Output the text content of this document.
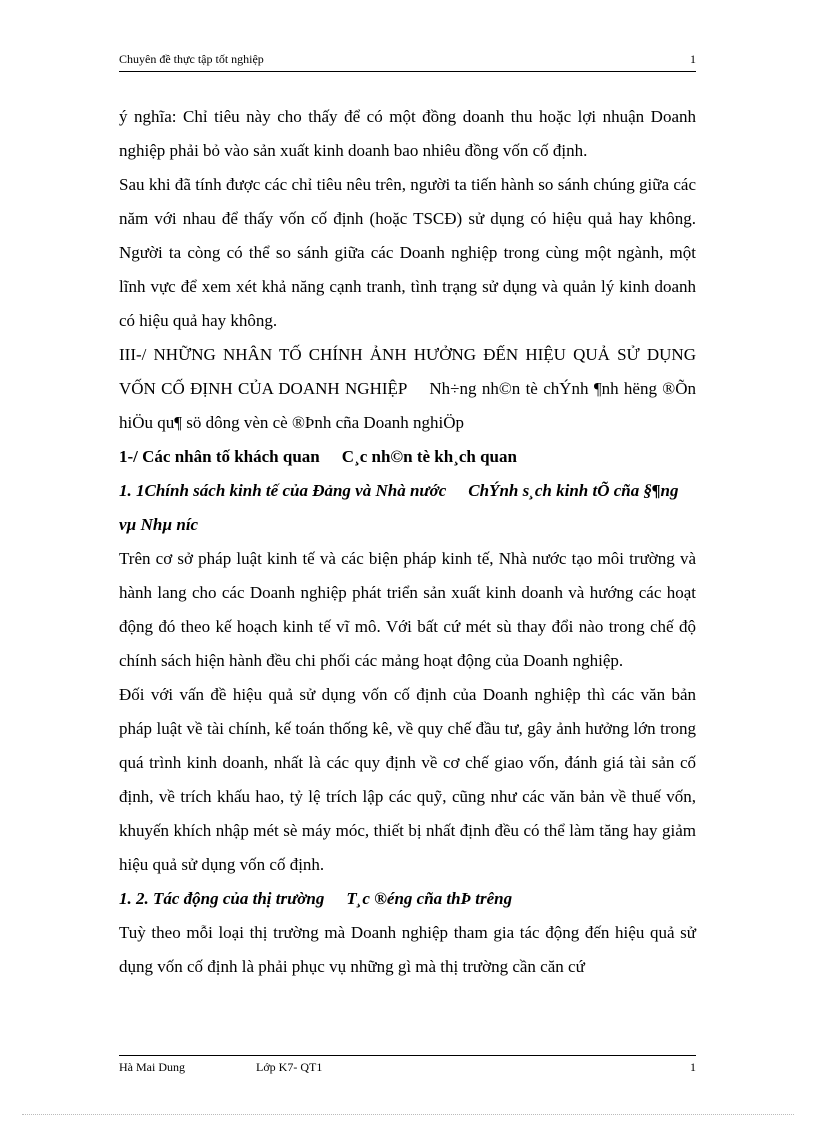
Chuyên đề thực tập tốt nghiệp	1

ý nghĩa: Chỉ tiêu này cho thấy để có một đồng doanh thu hoặc lợi nhuận Doanh nghiệp phải bỏ vào sản xuất kinh doanh bao nhiêu đồng vốn cố định.

Sau khi đã tính được các chỉ tiêu nêu trên, người ta tiến hành so sánh chúng giữa các năm với nhau để thấy vốn cố định (hoặc TSCĐ) sử dụng có hiệu quả hay không. Người ta còng có thể so sánh giữa các Doanh nghiệp trong cùng một ngành, một lĩnh vực để xem xét khả năng cạnh tranh, tình trạng sử dụng và quản lý kinh doanh có hiệu quả hay không.

III-/ NHỮNG NHÂN TỐ CHÍNH ẢNH HƯỞNG ĐẾN HIỆU QUẢ SỬ DỤNG VỐN CỐ ĐỊNH CỦA DOANH NGHIỆP Nh÷ng nh©n tè chÝnh ¶nh hëng ®Õn hiÖu qu¶ sö dông vèn cè ®Þnh cña Doanh nghiÖp

1-/ Các nhân tố khách quan C¸c nh©n tè kh¸ch quan

1. 1Chính sách kinh tế của Đảng và Nhà nước ChÝnh s¸ch kinh tÕ cña §¶ng vµ Nhµ níc

Trên cơ sở pháp luật kinh tế và các biện pháp kinh tế, Nhà nước tạo môi trường và hành lang cho các Doanh nghiệp phát triển sản xuất kinh doanh và hướng các hoạt động đó theo kế hoạch kinh tế vĩ mô. Với bất cứ mét sù thay đổi nào trong chế độ chính sách hiện hành đều chi phối các mảng hoạt động của Doanh nghiệp.

Đối với vấn đề hiệu quả sử dụng vốn cố định của Doanh nghiệp thì các văn bản pháp luật về tài chính, kế toán thống kê, về quy chế đầu tư, gây ảnh hưởng lớn trong quá trình kinh doanh, nhất là các quy định về cơ chế giao vốn, đánh giá tài sản cố định, về trích khấu hao, tỷ lệ trích lập các quỹ, cũng như các văn bản về thuế vốn, khuyến khích nhập mét sè máy móc, thiết bị nhất định đều có thể làm tăng hay giảm hiệu quả sử dụng vốn cố định.

1. 2. Tác động của thị trường T¸c ®éng cña thÞ trêng

Tuỳ theo mỗi loại thị trường mà Doanh nghiệp tham gia tác động đến hiệu quả sử dụng vốn cố định là phải phục vụ những gì mà thị trường cần căn cứ

Hà Mai Dung	Lớp K7- QT1	1
